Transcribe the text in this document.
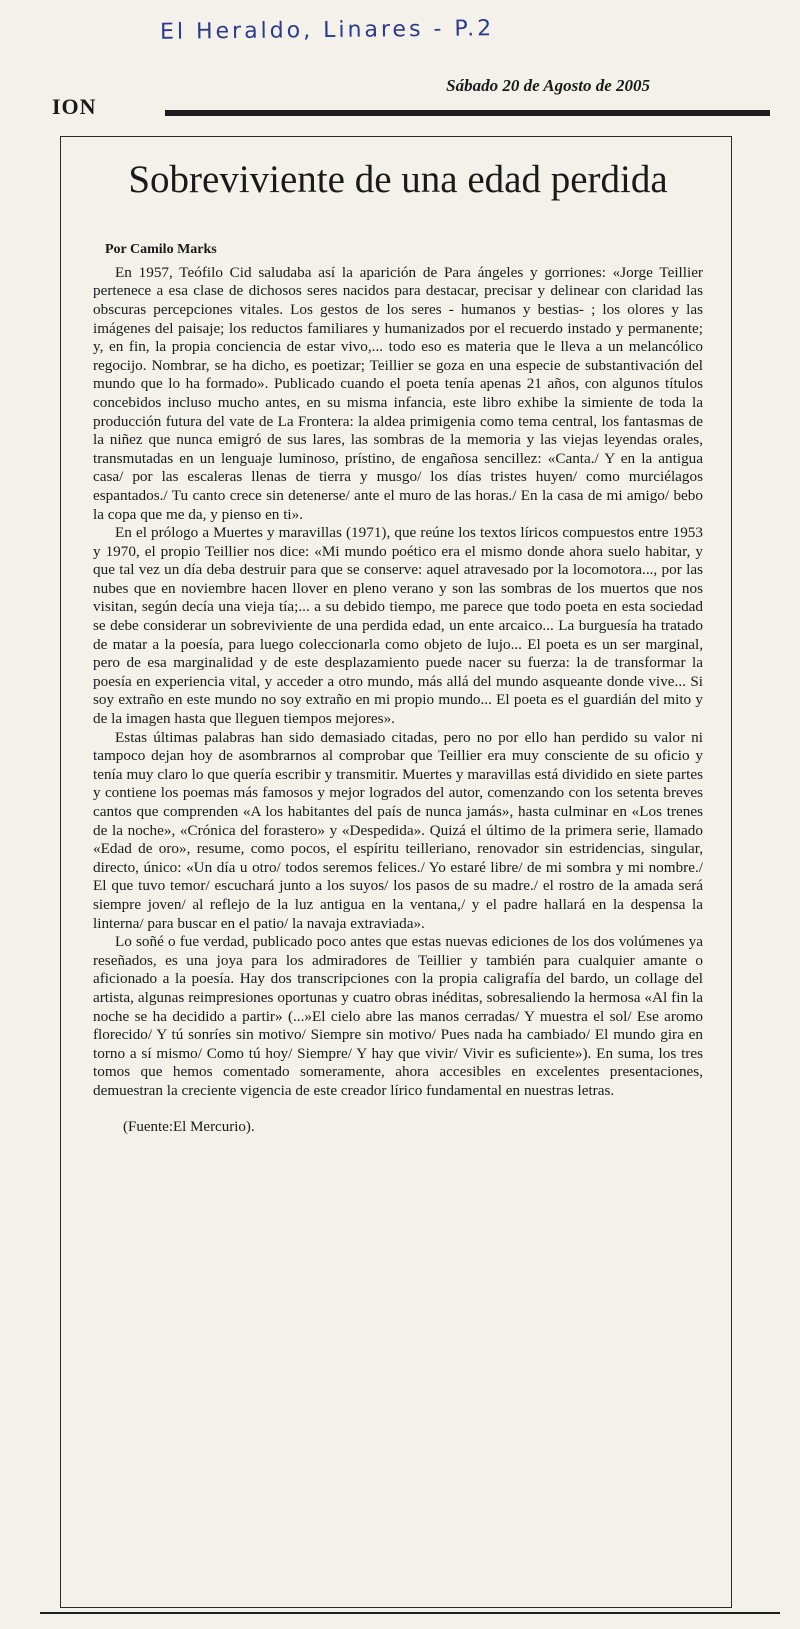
El Heraldo, Linares - P.2
Sábado 20 de Agosto de 2005
ION
Sobreviviente de una edad perdida
Por Camilo Marks

En 1957, Teófilo Cid saludaba así la aparición de Para ángeles y gorriones: «Jorge Teillier pertenece a esa clase de dichosos seres nacidos para destacar, precisar y delinear con claridad las obscuras percepciones vitales. Los gestos de los seres - humanos y bestias- ; los olores y las imágenes del paisaje; los reductos familiares y humanizados por el recuerdo instado y permanente; y, en fin, la propia conciencia de estar vivo,... todo eso es materia que le lleva a un melancólico regocijo. Nombrar, se ha dicho, es poetizar; Teillier se goza en una especie de substantivación del mundo que lo ha formado». Publicado cuando el poeta tenía apenas 21 años, con algunos títulos concebidos incluso mucho antes, en su misma infancia, este libro exhibe la simiente de toda la producción futura del vate de La Frontera: la aldea primigenia como tema central, los fantasmas de la niñez que nunca emigró de sus lares, las sombras de la memoria y las viejas leyendas orales, transmutadas en un lenguaje luminoso, prístino, de engañosa sencillez: «Canta./ Y en la antigua casa/ por las escaleras llenas de tierra y musgo/ los días tristes huyen/ como murciélagos espantados./ Tu canto crece sin detenerse/ ante el muro de las horas./ En la casa de mi amigo/ bebo la copa que me da, y pienso en ti».

En el prólogo a Muertes y maravillas (1971), que reúne los textos líricos compuestos entre 1953 y 1970, el propio Teillier nos dice: «Mi mundo poético era el mismo donde ahora suelo habitar, y que tal vez un día deba destruir para que se conserve: aquel atravesado por la locomotora..., por las nubes que en noviembre hacen llover en pleno verano y son las sombras de los muertos que nos visitan, según decía una vieja tía;... a su debido tiempo, me parece que todo poeta en esta sociedad se debe considerar un sobreviviente de una perdida edad, un ente arcaico... La burguesía ha tratado de matar a la poesía, para luego coleccionarla como objeto de lujo... El poeta es un ser marginal, pero de esa marginalidad y de este desplazamiento puede nacer su fuerza: la de transformar la poesía en experiencia vital, y acceder a otro mundo, más allá del mundo asqueante donde vive... Si soy extraño en este mundo no soy extraño en mi propio mundo... El poeta es el guardián del mito y de la imagen hasta que lleguen tiempos mejores».

Estas últimas palabras han sido demasiado citadas, pero no por ello han perdido su valor ni tampoco dejan hoy de asombrarnos al comprobar que Teillier era muy consciente de su oficio y tenía muy claro lo que quería escribir y transmitir. Muertes y maravillas está dividido en siete partes y contiene los poemas más famosos y mejor logrados del autor, comenzando con los setenta breves cantos que comprenden «A los habitantes del país de nunca jamás», hasta culminar en «Los trenes de la noche», «Crónica del forastero» y «Despedida». Quizá el último de la primera serie, llamado «Edad de oro», resume, como pocos, el espíritu teilleriano, renovador sin estridencias, singular, directo, único: «Un día u otro/ todos seremos felices./ Yo estaré libre/ de mi sombra y mi nombre./ El que tuvo temor/ escuchará junto a los suyos/ los pasos de su madre./ el rostro de la amada será siempre joven/ al reflejo de la luz antigua en la ventana,/ y el padre hallará en la despensa la linterna/ para buscar en el patio/ la navaja extraviada».

Lo soñé o fue verdad, publicado poco antes que estas nuevas ediciones de los dos volúmenes ya reseñados, es una joya para los admiradores de Teillier y también para cualquier amante o aficionado a la poesía. Hay dos transcripciones con la propia caligrafía del bardo, un collage del artista, algunas reimpresiones oportunas y cuatro obras inéditas, sobresaliendo la hermosa «Al fin la noche se ha decidido a partir» (...»El cielo abre las manos cerradas/ Y muestra el sol/ Ese aromo florecido/ Y tú sonríes sin motivo/ Siempre sin motivo/ Pues nada ha cambiado/ El mundo gira en torno a sí mismo/ Como tú hoy/ Siempre/ Y hay que vivir/ Vivir es suficiente»). En suma, los tres tomos que hemos comentado someramente, ahora accesibles en excelentes presentaciones, demuestran la creciente vigencia de este creador lírico fundamental en nuestras letras.

(Fuente:El Mercurio).
